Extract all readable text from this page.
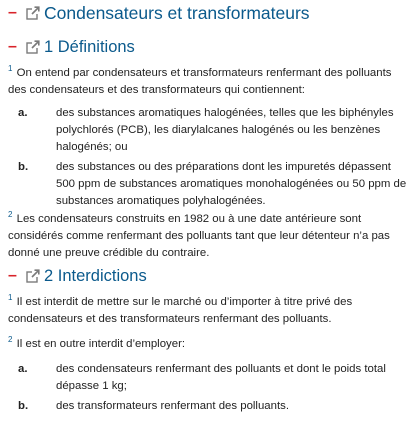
– Condensateurs et transformateurs
– 1 Définitions

$^1$ On entend par condensateurs et transformateurs renfermant des polluants des condensateurs et des transformateurs qui contiennent:

a.	des substances aromatiques halogénées, telles que les biphényles polychlorés (PCB), les diarylalcanes halogénés ou les benzènes halogénés; ou
b.	des substances ou des préparations dont les impuretés dépassent 500 ppm de substances aromatiques monohalogénées ou 50 ppm de substances aromatiques polyhalogénées.

$^2$ Les condensateurs construits en 1982 ou à une date antérieure sont considérés comme renfermant des polluants tant que leur détenteur n’a pas donné une preuve crédible du contraire.

– 2 Interdictions

$^1$ Il est interdit de mettre sur le marché ou d’importer à titre privé des condensateurs et des transformateurs renfermant des polluants.

$^2$ Il est en outre interdit d’employer:

a.	des condensateurs renfermant des polluants et dont le poids total dépasse 1 kg;
b.	des transformateurs renfermant des polluants.
